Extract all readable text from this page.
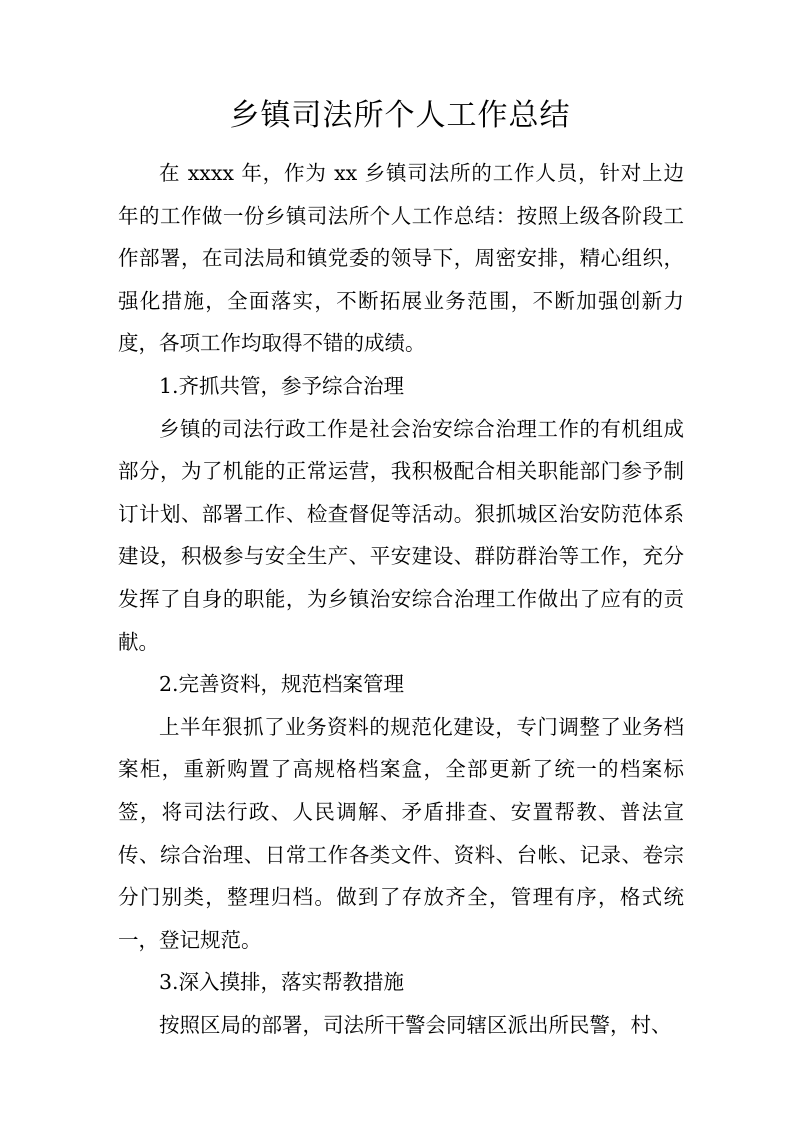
乡镇司法所个人工作总结

在 xxxx 年，作为 xx 乡镇司法所的工作人员，针对上边年的工作做一份乡镇司法所个人工作总结：按照上级各阶段工作部署，在司法局和镇党委的领导下，周密安排，精心组织，强化措施，全面落实，不断拓展业务范围，不断加强创新力度，各项工作均取得不错的成绩。

1.齐抓共管，参予综合治理

乡镇的司法行政工作是社会治安综合治理工作的有机组成部分，为了机能的正常运营，我积极配合相关职能部门参予制订计划、部署工作、检查督促等活动。狠抓城区治安防范体系建设，积极参与安全生产、平安建设、群防群治等工作，充分发挥了自身的职能，为乡镇治安综合治理工作做出了应有的贡献。

2.完善资料，规范档案管理

上半年狠抓了业务资料的规范化建设，专门调整了业务档案柜，重新购置了高规格档案盒，全部更新了统一的档案标签，将司法行政、人民调解、矛盾排查、安置帮教、普法宣传、综合治理、日常工作各类文件、资料、台帐、记录、卷宗分门别类，整理归档。做到了存放齐全，管理有序，格式统一，登记规范。

3.深入摸排，落实帮教措施

按照区局的部署，司法所干警会同辖区派出所民警，村、
